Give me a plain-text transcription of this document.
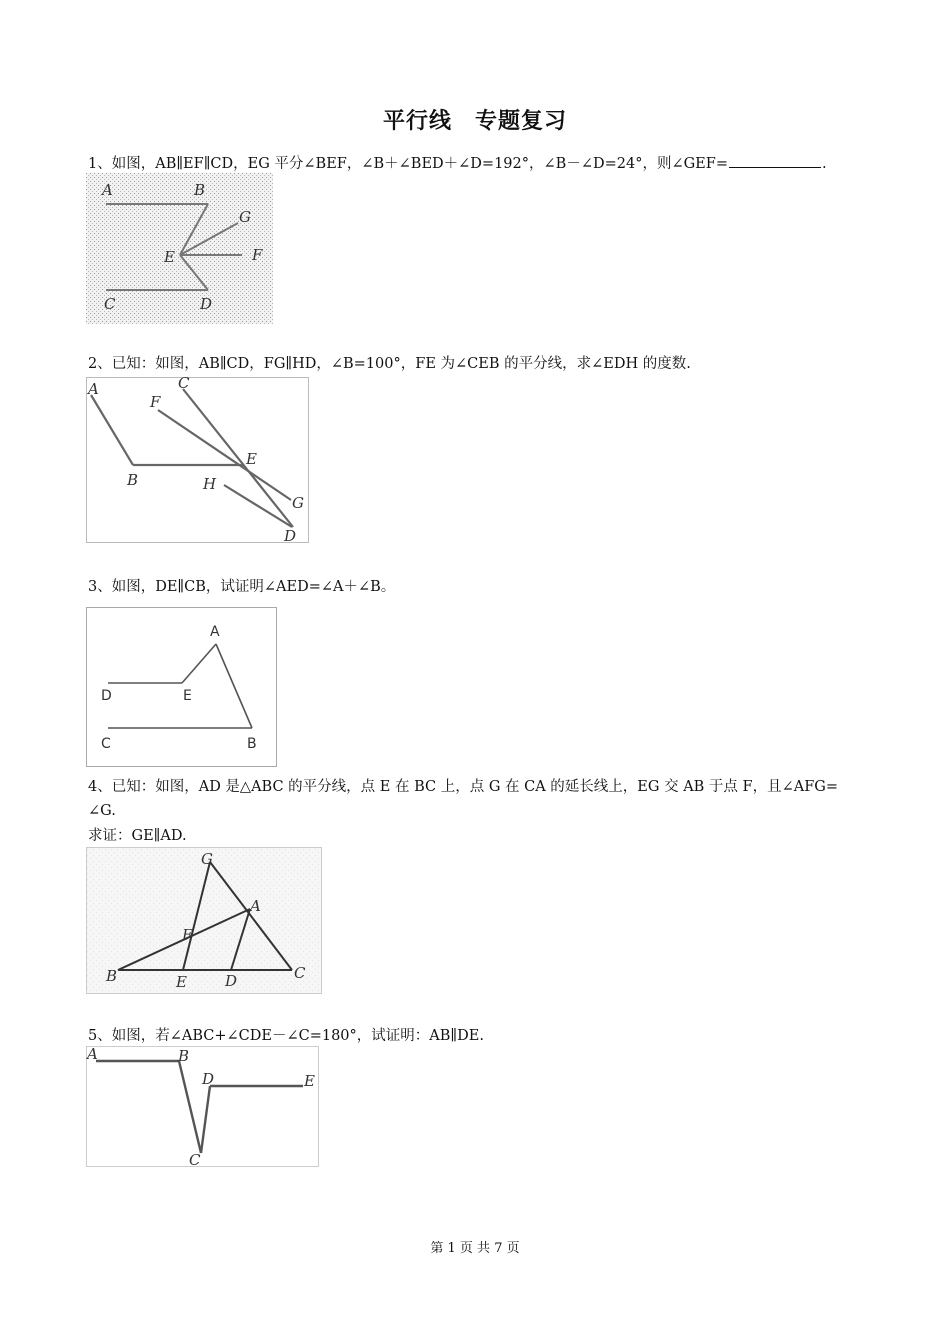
平行线　专题复习
1、如图，AB∥EF∥CD，EG 平分∠BEF，∠B＋∠BED＋∠D=192°，∠B－∠D=24°，则∠GEF=	.
A	B
G
E	F
C	D
2、已知：如图，AB∥CD，FG∥HD，∠B=100°，FE 为∠CEB 的平分线，求∠EDH 的度数.
A
B
C
F
E
H
G
D
3、如图，DE∥CB，试证明∠AED=∠A＋∠B。
A
D	E
C	B
4、已知：如图，AD 是△ABC 的平分线，点 E 在 BC 上，点 G 在 CA 的延长线上，EG 交 AB 于点 F，且∠AFG=
∠G.
求证：GE∥AD.
G
A
F
B	E	D	C
5、如图，若∠ABC+∠CDE－∠C=180°，试证明：AB∥DE.
A	B
D	E
C
第 1 页 共 7 页
